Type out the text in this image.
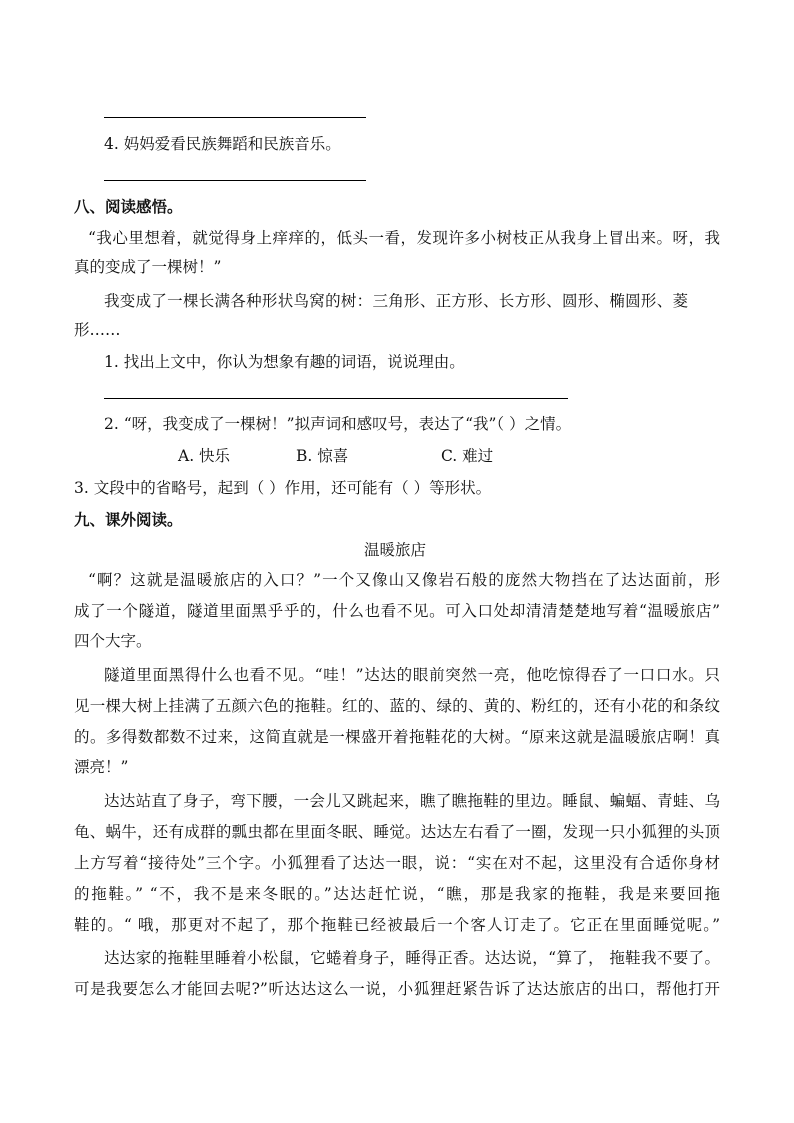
4. 妈妈爱看民族舞蹈和民族音乐。
八、阅读感悟。
“我心里想着，就觉得身上痒痒的，低头一看，发现许多小树枝正从我身上冒出来。呀，我
真的变成了一棵树！”
我变成了一棵长满各种形状鸟窝的树：三角形、正方形、长方形、圆形、椭圆形、菱
形……
1. 找出上文中，你认为想象有趣的词语，说说理由。
2. “呀，我变成了一棵树！”拟声词和感叹号，表达了“我”（ ）之情。
A. 快乐	B. 惊喜	C. 难过
3. 文段中的省略号，起到（ ）作用，还可能有（ ）等形状。
九、课外阅读。
温暖旅店
“啊？这就是温暖旅店的入口？”一个又像山又像岩石般的庞然大物挡在了达达面前，形
成了一个隧道，隧道里面黑乎乎的，什么也看不见。可入口处却清清楚楚地写着“温暖旅店”
四个大字。
隧道里面黑得什么也看不见。“哇！”达达的眼前突然一亮，他吃惊得吞了一口口水。只
见一棵大树上挂满了五颜六色的拖鞋。红的、蓝的、绿的、黄的、粉红的，还有小花的和条纹
的。多得数都数不过来，这简直就是一棵盛开着拖鞋花的大树。“原来这就是温暖旅店啊！真
漂亮！”
达达站直了身子，弯下腰，一会儿又跳起来，瞧了瞧拖鞋的里边。睡鼠、蝙蝠、青蛙、乌
龟、蜗牛，还有成群的瓢虫都在里面冬眠、睡觉。达达左右看了一圈，发现一只小狐狸的头顶
上方写着“接待处”三个字。小狐狸看了达达一眼，说：“实在对不起，这里没有合适你身材
的拖鞋。” “不，我不是来冬眠的。”达达赶忙说，“瞧，那是我家的拖鞋，我是来要回拖
鞋的。“ 哦，那更对不起了，那个拖鞋已经被最后一个客人订走了。它正在里面睡觉呢。”
达达家的拖鞋里睡着小松鼠，它蜷着身子，睡得正香。达达说，“算了， 拖鞋我不要了。
可是我要怎么才能回去呢?”听达达这么一说，小狐狸赶紧告诉了达达旅店的出口，帮他打开
